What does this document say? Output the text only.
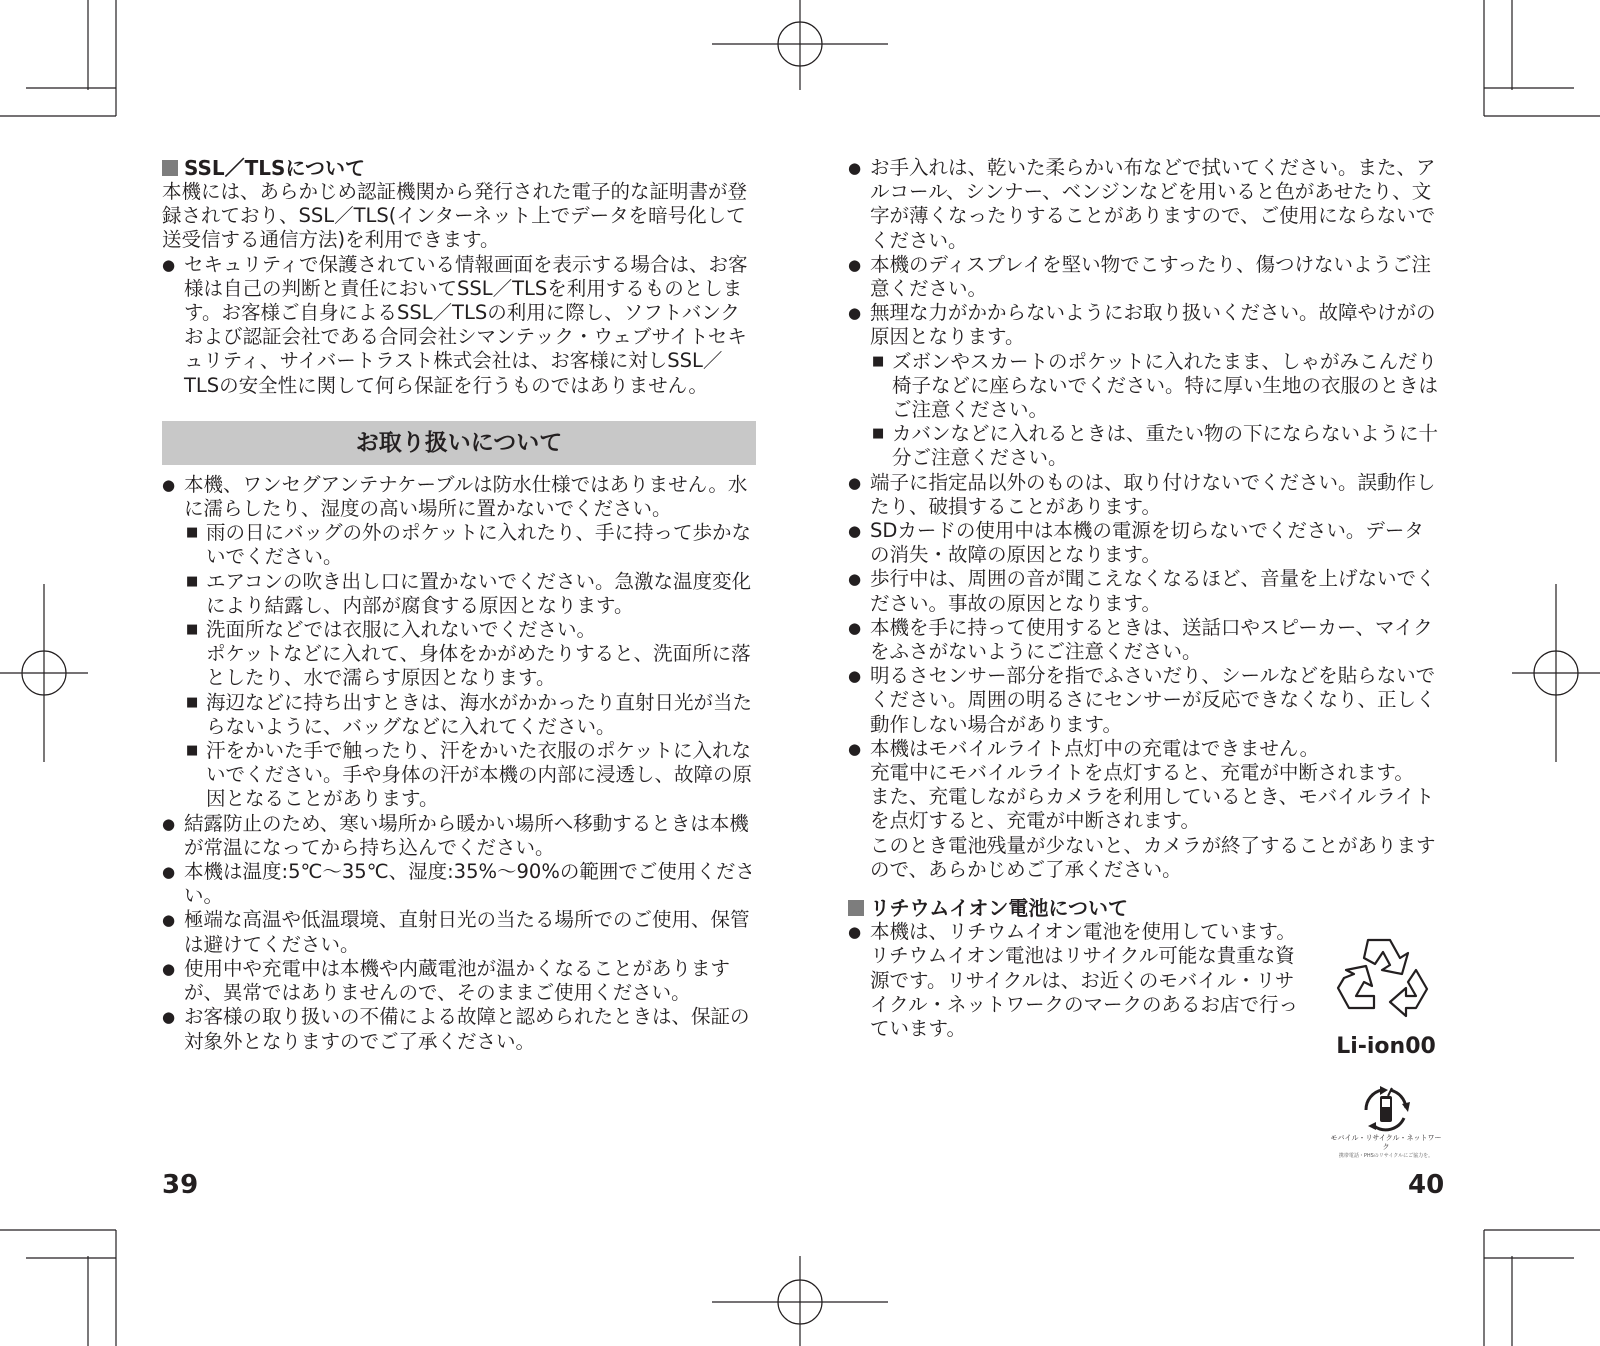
SSL／TLSについて

本機には、あらかじめ認証機関から発行された電子的な証明書が登録されており、SSL／TLS(インターネット上でデータを暗号化して送受信する通信方法)を利用できます。

● セキュリティで保護されている情報画面を表示する場合は、お客様は自己の判断と責任においてSSL／TLSを利用するものとします。お客様ご自身によるSSL／TLSの利用に際し、ソフトバンクおよび認証会社である合同会社シマンテック・ウェブサイトセキュリティ、サイバートラスト株式会社は、お客様に対しSSL／TLSの安全性に関して何ら保証を行うものではありません。
お取り扱いについて
● 本機、ワンセグアンテナケーブルは防水仕様ではありません。水に濡らしたり、湿度の高い場所に置かないでください。
■ 雨の日にバッグの外のポケットに入れたり、手に持って歩かないでください。
■ エアコンの吹き出し口に置かないでください。急激な温度変化により結露し、内部が腐食する原因となります。
■ 洗面所などでは衣服に入れないでください。
ポケットなどに入れて、身体をかがめたりすると、洗面所に落としたり、水で濡らす原因となります。
■ 海辺などに持ち出すときは、海水がかかったり直射日光が当たらないように、バッグなどに入れてください。
■ 汗をかいた手で触ったり、汗をかいた衣服のポケットに入れないでください。手や身体の汗が本機の内部に浸透し、故障の原因となることがあります。
● 結露防止のため、寒い場所から暖かい場所へ移動するときは本機が常温になってから持ち込んでください。
● 本機は温度:5℃～35℃、湿度:35%～90%の範囲でご使用ください。
● 極端な高温や低温環境、直射日光の当たる場所でのご使用、保管は避けてください。
● 使用中や充電中は本機や内蔵電池が温かくなることがありますが、異常ではありませんので、そのままご使用ください。
● お客様の取り扱いの不備による故障と認められたときは、保証の対象外となりますのでご了承ください。
● お手入れは、乾いた柔らかい布などで拭いてください。また、アルコール、シンナー、ベンジンなどを用いると色があせたり、文字が薄くなったりすることがありますので、ご使用にならないでください。
● 本機のディスプレイを堅い物でこすったり、傷つけないようご注意ください。
● 無理な力がかからないようにお取り扱いください。故障やけがの原因となります。
■ ズボンやスカートのポケットに入れたまま、しゃがみこんだり椅子などに座らないでください。特に厚い生地の衣服のときはご注意ください。
■ カバンなどに入れるときは、重たい物の下にならないように十分ご注意ください。
● 端子に指定品以外のものは、取り付けないでください。誤動作したり、破損することがあります。
● SDカードの使用中は本機の電源を切らないでください。データの消失・故障の原因となります。
● 歩行中は、周囲の音が聞こえなくなるほど、音量を上げないでください。事故の原因となります。
● 本機を手に持って使用するときは、送話口やスピーカー、マイクをふさがないようにご注意ください。
● 明るさセンサー部分を指でふさいだり、シールなどを貼らないでください。周囲の明るさにセンサーが反応できなくなり、正しく動作しない場合があります。
● 本機はモバイルライト点灯中の充電はできません。
充電中にモバイルライトを点灯すると、充電が中断されます。
また、充電しながらカメラを利用しているとき、モバイルライトを点灯すると、充電が中断されます。
このとき電池残量が少ないと、カメラが終了することがありますので、あらかじめご了承ください。
リチウムイオン電池について
● 本機は、リチウムイオン電池を使用しています。リチウムイオン電池はリサイクル可能な貴重な資源です。リサイクルは、お近くのモバイル・リサイクル・ネットワークのマークのあるお店で行っています。
Li-ion00
モバイル・リサイクル・ネットワーク
携帯電話・PHSのリサイクルにご協力を。
39	40
